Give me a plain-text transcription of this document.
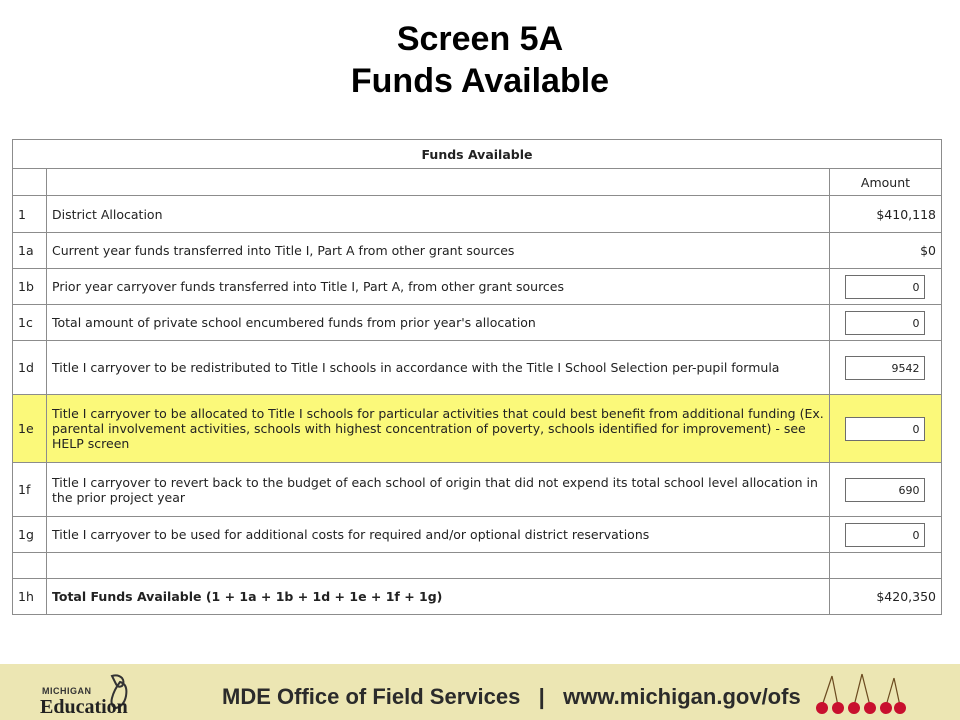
Screen 5A
Funds Available
Funds Available		
		Amount
1	District Allocation	$410,118
1a	Current year funds transferred into Title I, Part A from other grant sources	$0
1b	Prior year carryover funds transferred into Title I, Part A, from other grant sources	0
1c	Total amount of private school encumbered funds from prior year's allocation	0
1d	Title I carryover to be redistributed to Title I schools in accordance with the Title I School Selection per-pupil formula	9542
1e	Title I carryover to be allocated to Title I schools for particular activities that could best benefit from additional funding (Ex. parental involvement activities, schools with highest concentration of poverty, schools identified for improvement) - see HELP screen	0
1f	Title I carryover to revert back to the budget of each school of origin that did not expend its total school level allocation in the prior project year	690
1g	Title I carryover to be used for additional costs for required and/or optional district reservations	0

1h	Total Funds Available (1 + 1a + 1b + 1d + 1e + 1f + 1g)	$420,350
MICHIGAN
Education	MDE Office of Field Services   |   www.michigan.gov/ofs
